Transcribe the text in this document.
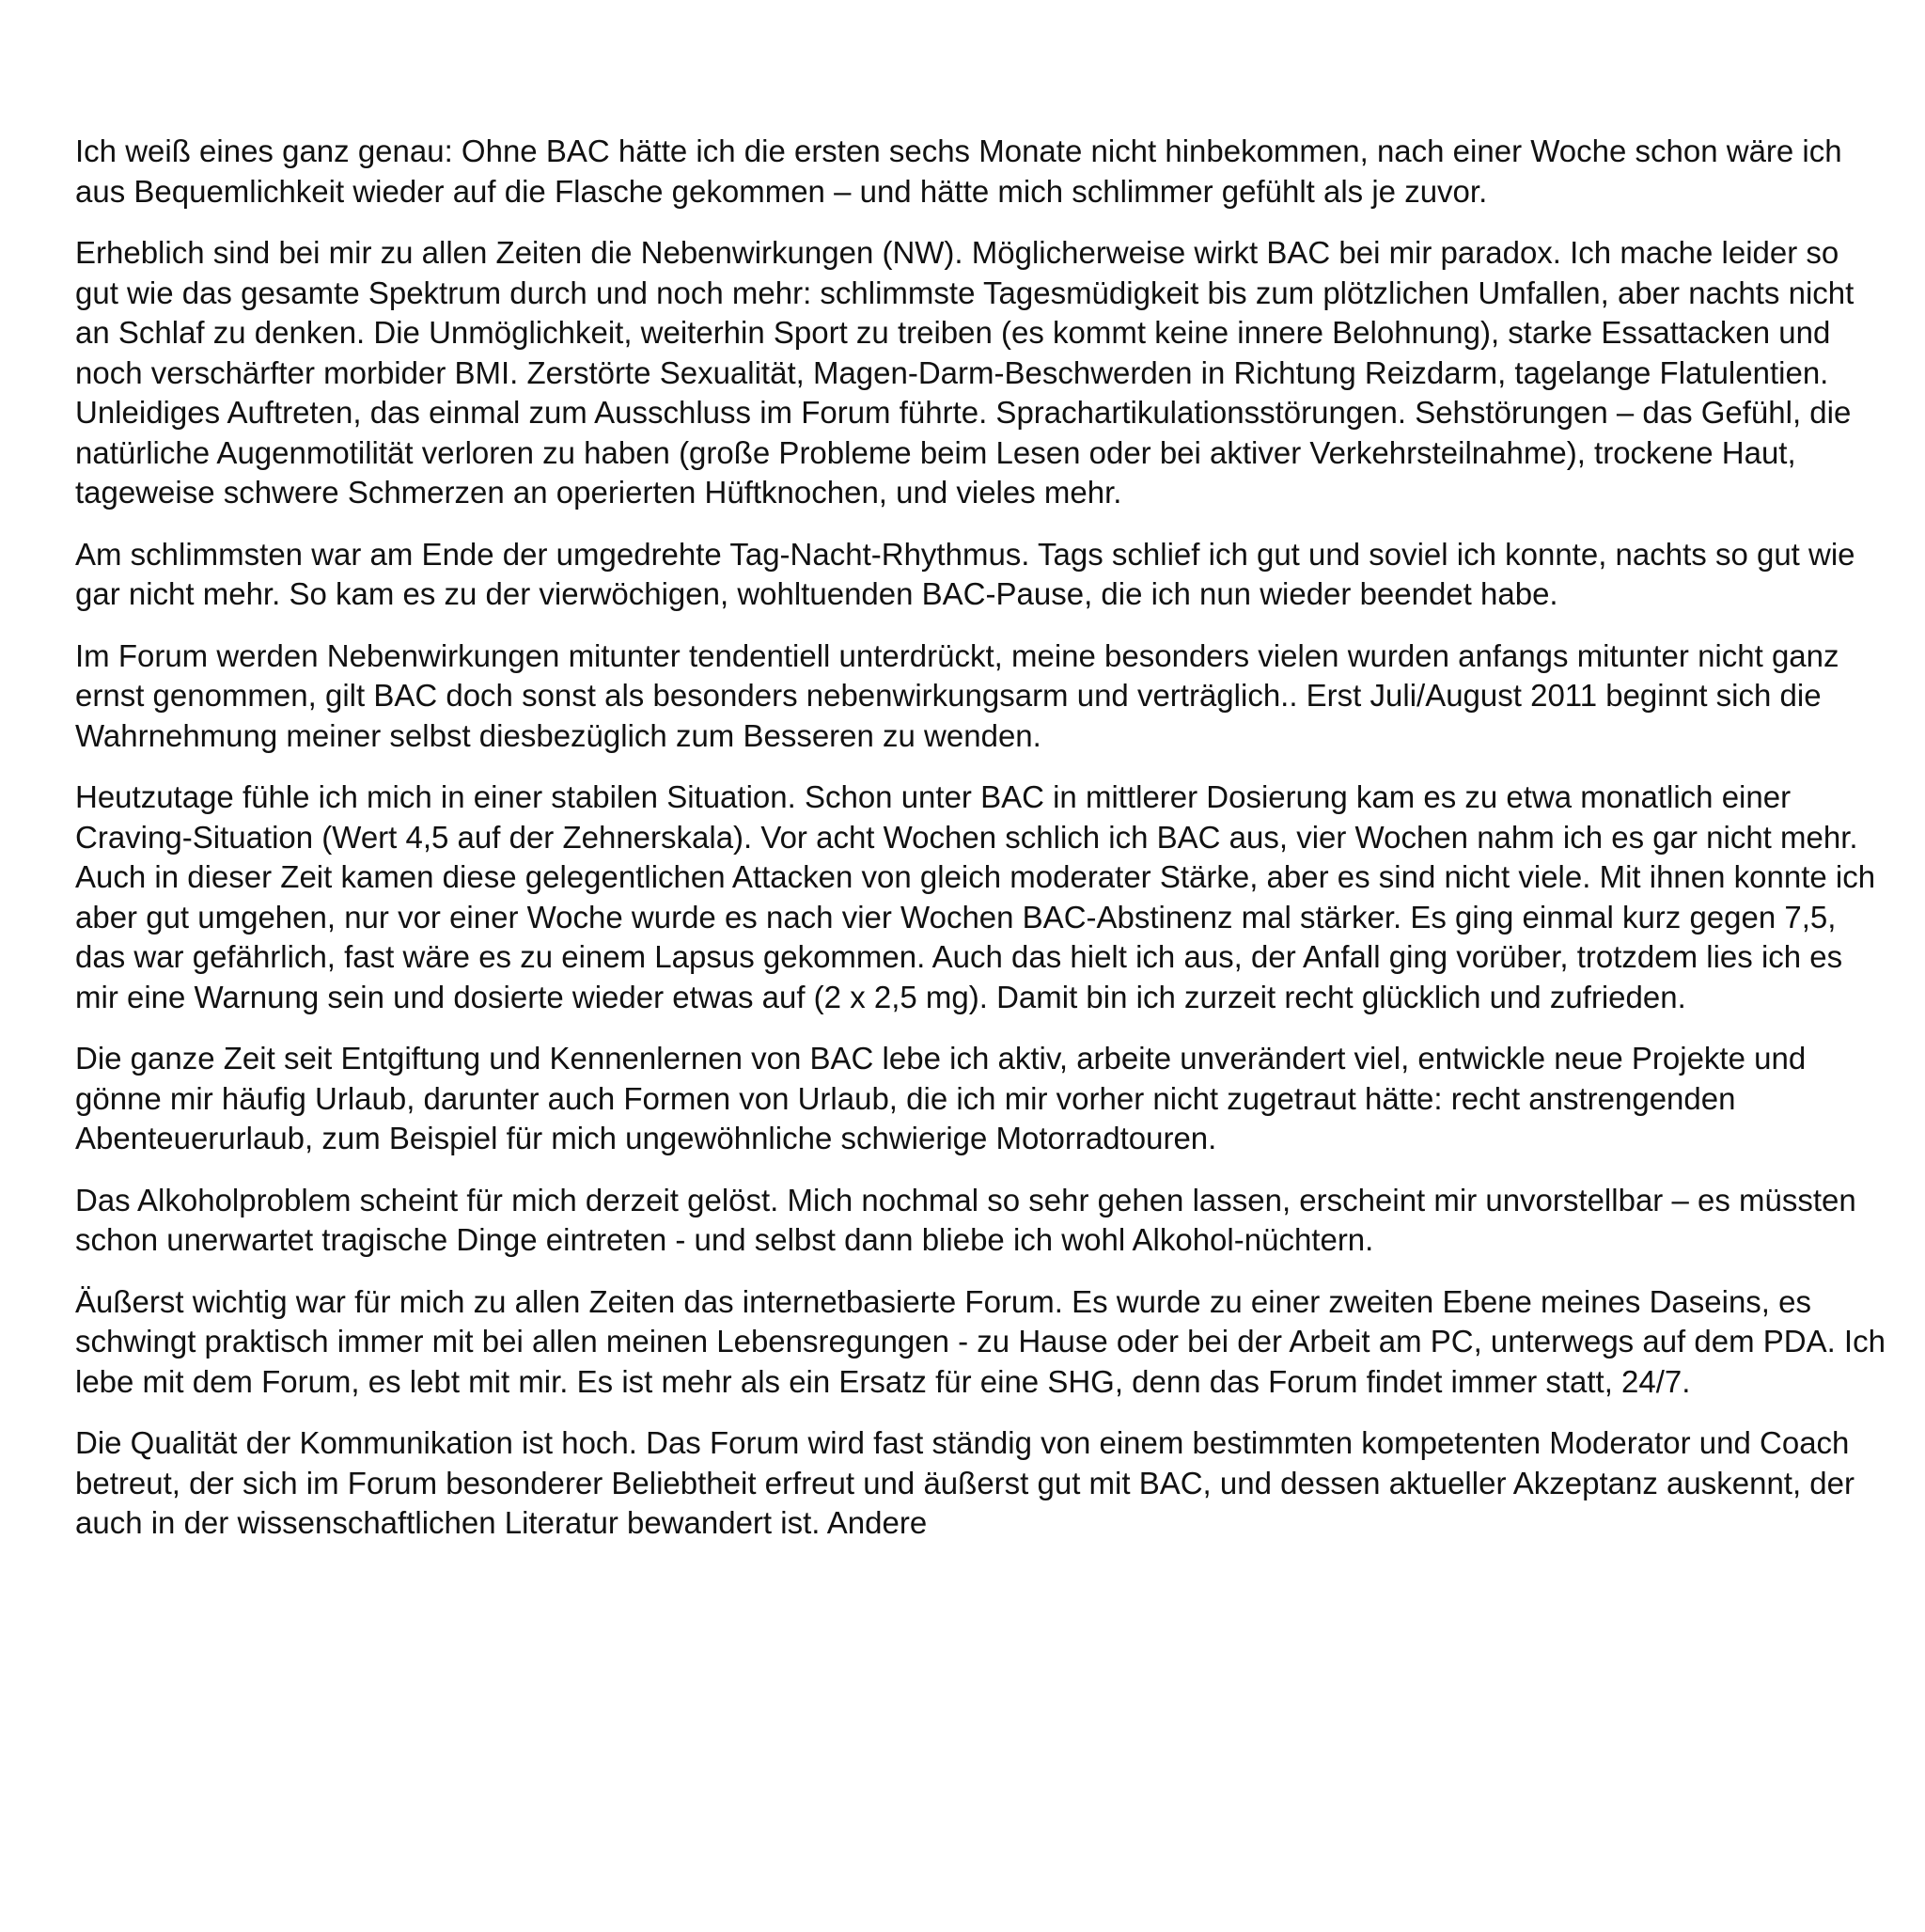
Ich weiß eines ganz genau: Ohne BAC hätte ich die ersten sechs Monate nicht hinbekommen, nach einer Woche schon wäre ich aus Bequemlichkeit wieder auf die Flasche gekommen – und hätte mich schlimmer gefühlt als je zuvor.

Erheblich sind bei mir zu allen Zeiten die Nebenwirkungen (NW). Möglicherweise wirkt BAC bei mir paradox. Ich mache leider so gut wie das gesamte Spektrum durch und noch mehr: schlimmste Tagesmüdigkeit bis zum plötzlichen Umfallen, aber nachts nicht an Schlaf zu denken. Die Unmöglichkeit, weiterhin Sport zu treiben (es kommt keine innere Belohnung), starke Essattacken und noch verschärfter morbider BMI. Zerstörte Sexualität, Magen-Darm-Beschwerden in Richtung Reizdarm, tagelange Flatulentien. Unleidiges Auftreten, das einmal zum Ausschluss im Forum führte. Sprachartikulationsstörungen. Sehstörungen – das Gefühl, die natürliche Augenmotilität verloren zu haben (große Probleme beim Lesen oder bei aktiver Verkehrsteilnahme), trockene Haut, tageweise schwere Schmerzen an operierten Hüftknochen, und vieles mehr.

Am schlimmsten war am Ende der umgedrehte Tag-Nacht-Rhythmus. Tags schlief ich gut und soviel ich konnte, nachts so gut wie gar nicht mehr. So kam es zu der vierwöchigen, wohltuenden BAC-Pause, die ich nun wieder beendet habe.

Im Forum werden Nebenwirkungen mitunter tendentiell unterdrückt, meine besonders vielen wurden anfangs mitunter nicht ganz ernst genommen, gilt BAC doch sonst als besonders nebenwirkungsarm und verträglich.. Erst Juli/August 2011 beginnt sich die Wahrnehmung meiner selbst diesbezüglich zum Besseren zu wenden.

Heutzutage fühle ich mich in einer stabilen Situation. Schon unter BAC in mittlerer Dosierung kam es zu etwa monatlich einer Craving-Situation (Wert 4,5 auf der Zehnerskala). Vor acht Wochen schlich ich BAC aus, vier Wochen nahm ich es gar nicht mehr. Auch in dieser Zeit kamen diese gelegentlichen Attacken von gleich moderater Stärke, aber es sind nicht viele. Mit ihnen konnte ich aber gut umgehen, nur vor einer Woche wurde es nach vier Wochen BAC-Abstinenz mal stärker. Es ging einmal kurz gegen 7,5, das war gefährlich, fast wäre es zu einem Lapsus gekommen. Auch das hielt ich aus, der Anfall ging vorüber, trotzdem lies ich es mir eine Warnung sein und dosierte wieder etwas auf (2 x 2,5 mg). Damit bin ich zurzeit recht glücklich und zufrieden.

Die ganze Zeit seit Entgiftung und Kennenlernen von BAC lebe ich aktiv, arbeite unverändert viel, entwickle neue Projekte und gönne mir häufig Urlaub, darunter auch Formen von Urlaub, die ich mir vorher nicht zugetraut hätte: recht anstrengenden Abenteuerurlaub, zum Beispiel für mich ungewöhnliche schwierige Motorradtouren.

Das Alkoholproblem scheint für mich derzeit gelöst. Mich nochmal so sehr gehen lassen, erscheint mir unvorstellbar – es müssten schon unerwartet tragische Dinge eintreten - und selbst dann bliebe ich wohl Alkohol-nüchtern.

Äußerst wichtig war für mich zu allen Zeiten das internetbasierte Forum. Es wurde zu einer zweiten Ebene meines Daseins, es schwingt praktisch immer mit bei allen meinen Lebensregungen - zu Hause oder bei der Arbeit am PC, unterwegs auf dem PDA. Ich lebe mit dem Forum, es lebt mit mir. Es ist mehr als ein Ersatz für eine SHG, denn das Forum findet immer statt, 24/7.

Die Qualität der Kommunikation ist hoch. Das Forum wird fast ständig von einem bestimmten kompetenten Moderator und Coach betreut, der sich im Forum besonderer Beliebtheit erfreut und äußerst gut mit BAC, und dessen aktueller Akzeptanz auskennt, der auch in der wissenschaftlichen Literatur bewandert ist. Andere
